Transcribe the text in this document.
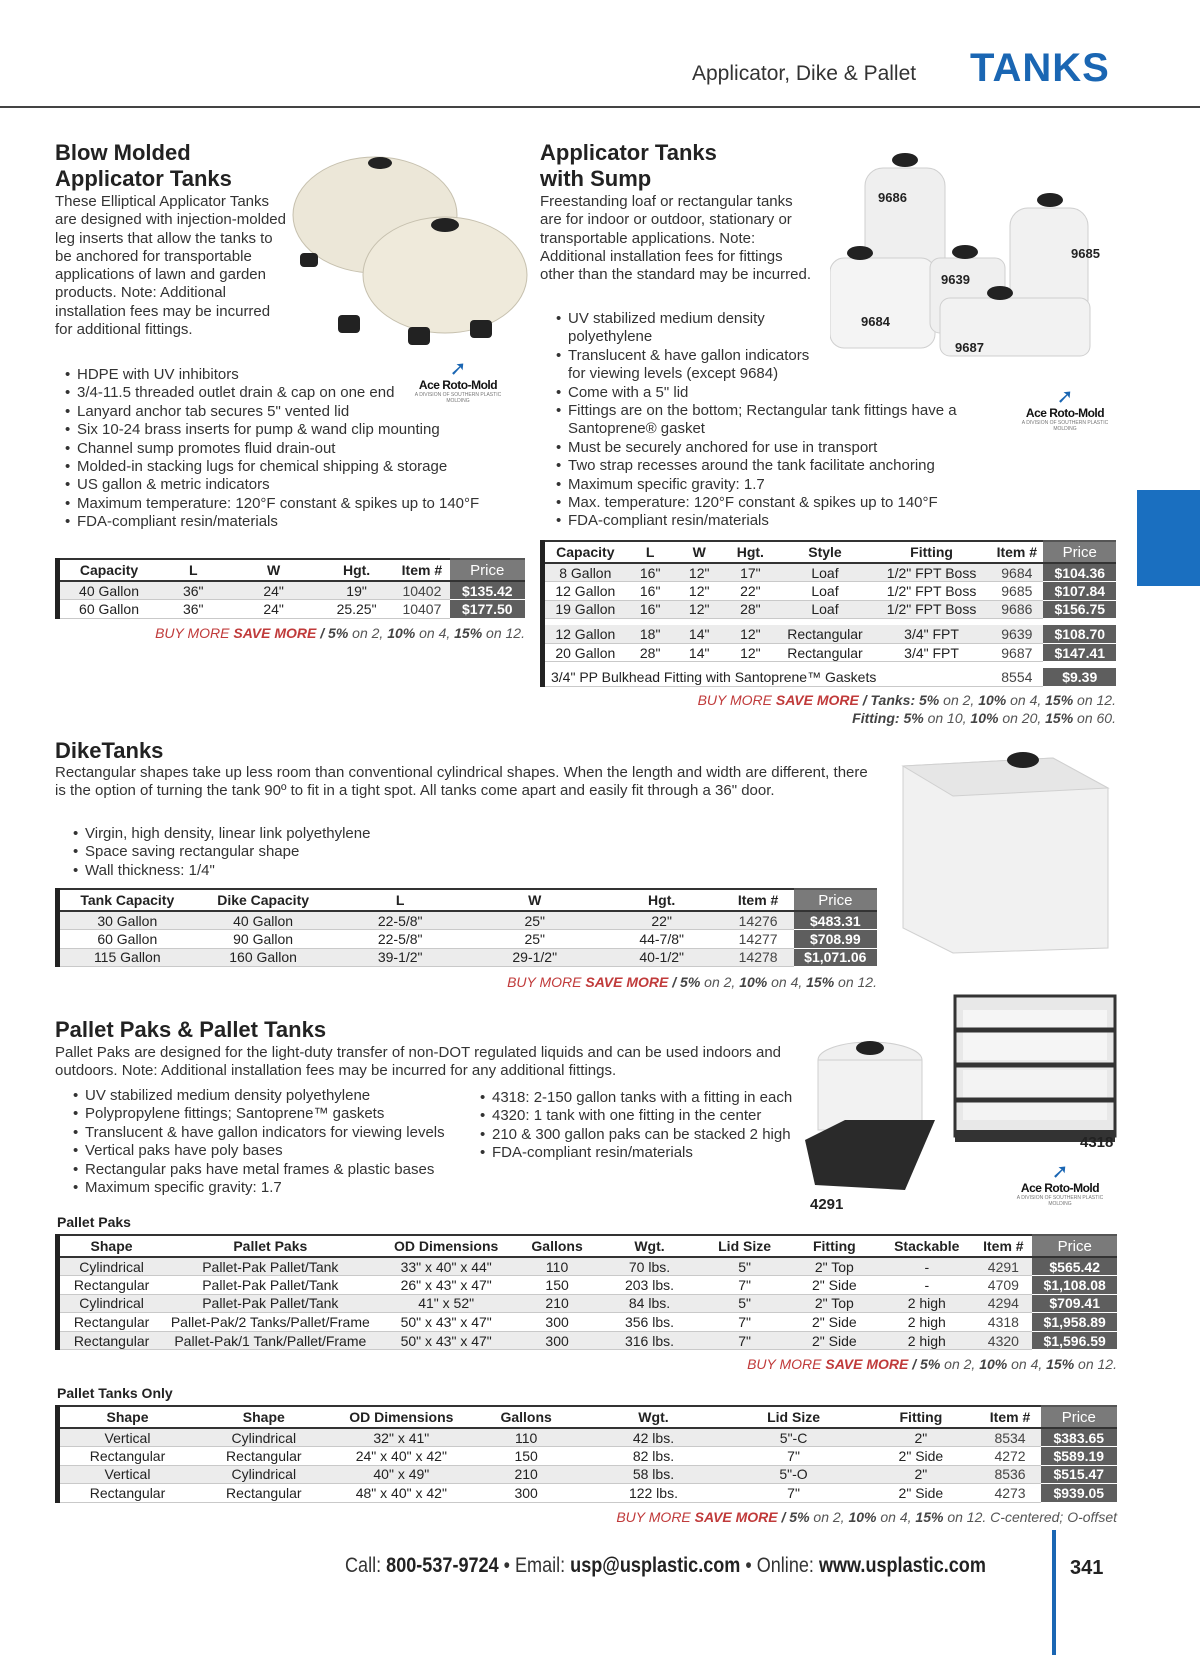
Applicator, Dike & Pallet TANKS
Blow Molded
Applicator Tanks
These Elliptical Applicator Tanks are designed with injection-molded leg inserts that allow the tanks to be anchored for transportable applications of lawn and garden products. Note: Additional installation fees may be incurred for additional fittings.
➚
Ace Roto-Mold
A DIVISION OF SOUTHERN PLASTIC MOLDING
• HDPE with UV inhibitors
• 3/4-11.5 threaded outlet drain & cap on one end
• Lanyard anchor tab secures 5" vented lid
• Six 10-24 brass inserts for pump & wand clip mounting
• Channel sump promotes fluid drain-out
• Molded-in stacking lugs for chemical shipping & storage
• US gallon & metric indicators
• Maximum temperature: 120°F constant & spikes up to 140°F
• FDA-compliant resin/materials
Capacity	L	W	Hgt.	Item #	Price
40 Gallon	36"	24"	19"	10402	$135.42
60 Gallon	36"	24"	25.25"	10407	$177.50
BUY MORE SAVE MORE / 5% on 2, 10% on 4, 15% on 12.
Applicator Tanks
with Sump
Freestanding loaf or rectangular tanks are for indoor or outdoor, stationary or transportable applications. Note: Additional installation fees for fittings other than the standard may be incurred.
9686
9685
9639
9684
9687
➚
Ace Roto-Mold
A DIVISION OF SOUTHERN PLASTIC MOLDING
• UV stabilized medium density polyethylene
• Translucent & have gallon indicators for viewing levels (except 9684)
• Come with a 5" lid
• Fittings are on the bottom; Rectangular tank fittings have a Santoprene® gasket
• Must be securely anchored for use in transport
• Two strap recesses around the tank facilitate anchoring
• Maximum specific gravity: 1.7
• Max. temperature: 120°F constant & spikes up to 140°F
• FDA-compliant resin/materials
Capacity	L	W	Hgt.	Style	Fitting	Item #	Price
8 Gallon	16"	12"	17"	Loaf	1/2" FPT Boss	9684	$104.36
12 Gallon	16"	12"	22"	Loaf	1/2" FPT Boss	9685	$107.84
19 Gallon	16"	12"	28"	Loaf	1/2" FPT Boss	9686	$156.75

12 Gallon	18"	14"	12"	Rectangular	3/4" FPT	9639	$108.70
20 Gallon	28"	14"	12"	Rectangular	3/4" FPT	9687	$147.41

3/4" PP Bulkhead Fitting with Santoprene™ Gaskets						8554	$9.39
BUY MORE SAVE MORE / Tanks: 5% on 2, 10% on 4, 15% on 12.
Fitting: 5% on 10, 10% on 20, 15% on 60.
DikeTanks
Rectangular shapes take up less room than conventional cylindrical shapes. When the length and width are different, there is the option of turning the tank 90º to fit in a tight spot. All tanks come apart and easily fit through a 36" door.
• Virgin, high density, linear link polyethylene
• Space saving rectangular shape
• Wall thickness: 1/4"
Tank Capacity	Dike Capacity	L	W	Hgt.	Item #	Price
30 Gallon	40 Gallon	22-5/8"	25"	22"	14276	$483.31
60 Gallon	90 Gallon	22-5/8"	25"	44-7/8"	14277	$708.99
115 Gallon	160 Gallon	39-1/2"	29-1/2"	40-1/2"	14278	$1,071.06
BUY MORE SAVE MORE / 5% on 2, 10% on 4, 15% on 12.
Pallet Paks & Pallet Tanks
Pallet Paks are designed for the light-duty transfer of non-DOT regulated liquids and can be used indoors and outdoors. Note: Additional installation fees may be incurred for any additional fittings.
• UV stabilized medium density polyethylene
• Polypropylene fittings; Santoprene™ gaskets
• Translucent & have gallon indicators for viewing levels
• Vertical paks have poly bases
• Rectangular paks have metal frames & plastic bases
• Maximum specific gravity: 1.7
• 4318: 2-150 gallon tanks with a fitting in each
• 4320: 1 tank with one fitting in the center
• 210 & 300 gallon paks can be stacked 2 high
• FDA-compliant resin/materials
4318
4291
➚
Ace Roto-Mold
A DIVISION OF SOUTHERN PLASTIC MOLDING
Pallet Paks
Shape	Pallet Paks	OD Dimensions	Gallons	Wgt.	Lid Size	Fitting	Stackable	Item #	Price
Cylindrical	Pallet-Pak Pallet/Tank	33" x 40" x 44"	110	70 lbs.	5"	2" Top	-	4291	$565.42
Rectangular	Pallet-Pak Pallet/Tank	26" x 43" x 47"	150	203 lbs.	7"	2" Side	-	4709	$1,108.08
Cylindrical	Pallet-Pak Pallet/Tank	41" x 52"	210	84 lbs.	5"	2" Top	2 high	4294	$709.41
Rectangular	Pallet-Pak/2 Tanks/Pallet/Frame	50" x 43" x 47"	300	356 lbs.	7"	2" Side	2 high	4318	$1,958.89
Rectangular	Pallet-Pak/1 Tank/Pallet/Frame	50" x 43" x 47"	300	316 lbs.	7"	2" Side	2 high	4320	$1,596.59
BUY MORE SAVE MORE / 5% on 2, 10% on 4, 15% on 12.
Pallet Tanks Only
Shape	Shape	OD Dimensions	Gallons	Wgt.	Lid Size	Fitting	Item #	Price
Vertical	Cylindrical	32" x 41"	110	42 lbs.	5"-C	2"	8534	$383.65
Rectangular	Rectangular	24" x 40" x 42"	150	82 lbs.	7"	2" Side	4272	$589.19
Vertical	Cylindrical	40" x 49"	210	58 lbs.	5"-O	2"	8536	$515.47
Rectangular	Rectangular	48" x 40" x 42"	300	122 lbs.	7"	2" Side	4273	$939.05
BUY MORE SAVE MORE / 5% on 2, 10% on 4, 15% on 12. C-centered; O-offset
Call: 800-537-9724 • Email: usp@usplastic.com • Online: www.usplastic.com	341
